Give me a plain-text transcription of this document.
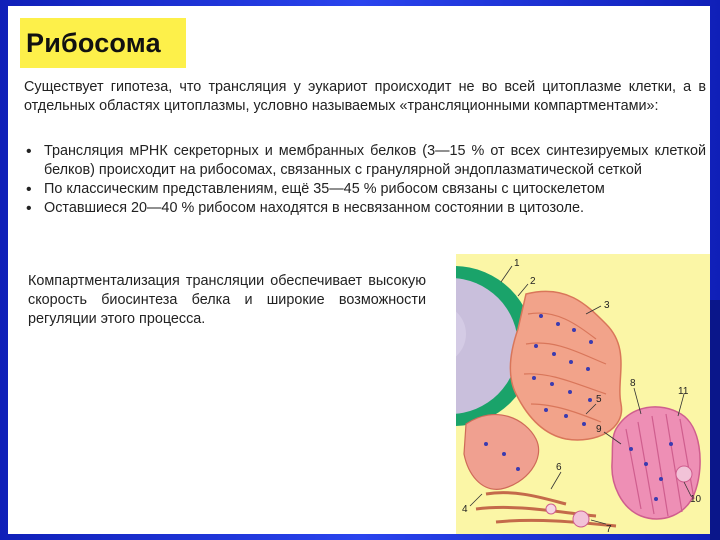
Рибосома

Существует гипотеза, что трансляция у эукариот происходит не во всей цитоплазме клетки, а в отдельных областях цитоплазмы, условно называемых «трансляционными компартментами»:

• Трансляция мРНК секреторных и мембранных белков (3—15 % от всех синтезируемых клеткой белков) происходит на рибосомах, связанных с гранулярной эндоплазматической сеткой
• По классическим представлениям, ещё 35—45 % рибосом связаны с цитоскелетом
• Оставшиеся 20—40 % рибосом находятся в несвязанном состоянии в цитозоле.

Компартментализация трансляции обеспечивает высокую скорость биосинтеза белка и широкие возможности регуляции этого процесса.

1
2
3
4
5
6
7
8
9
10
11
